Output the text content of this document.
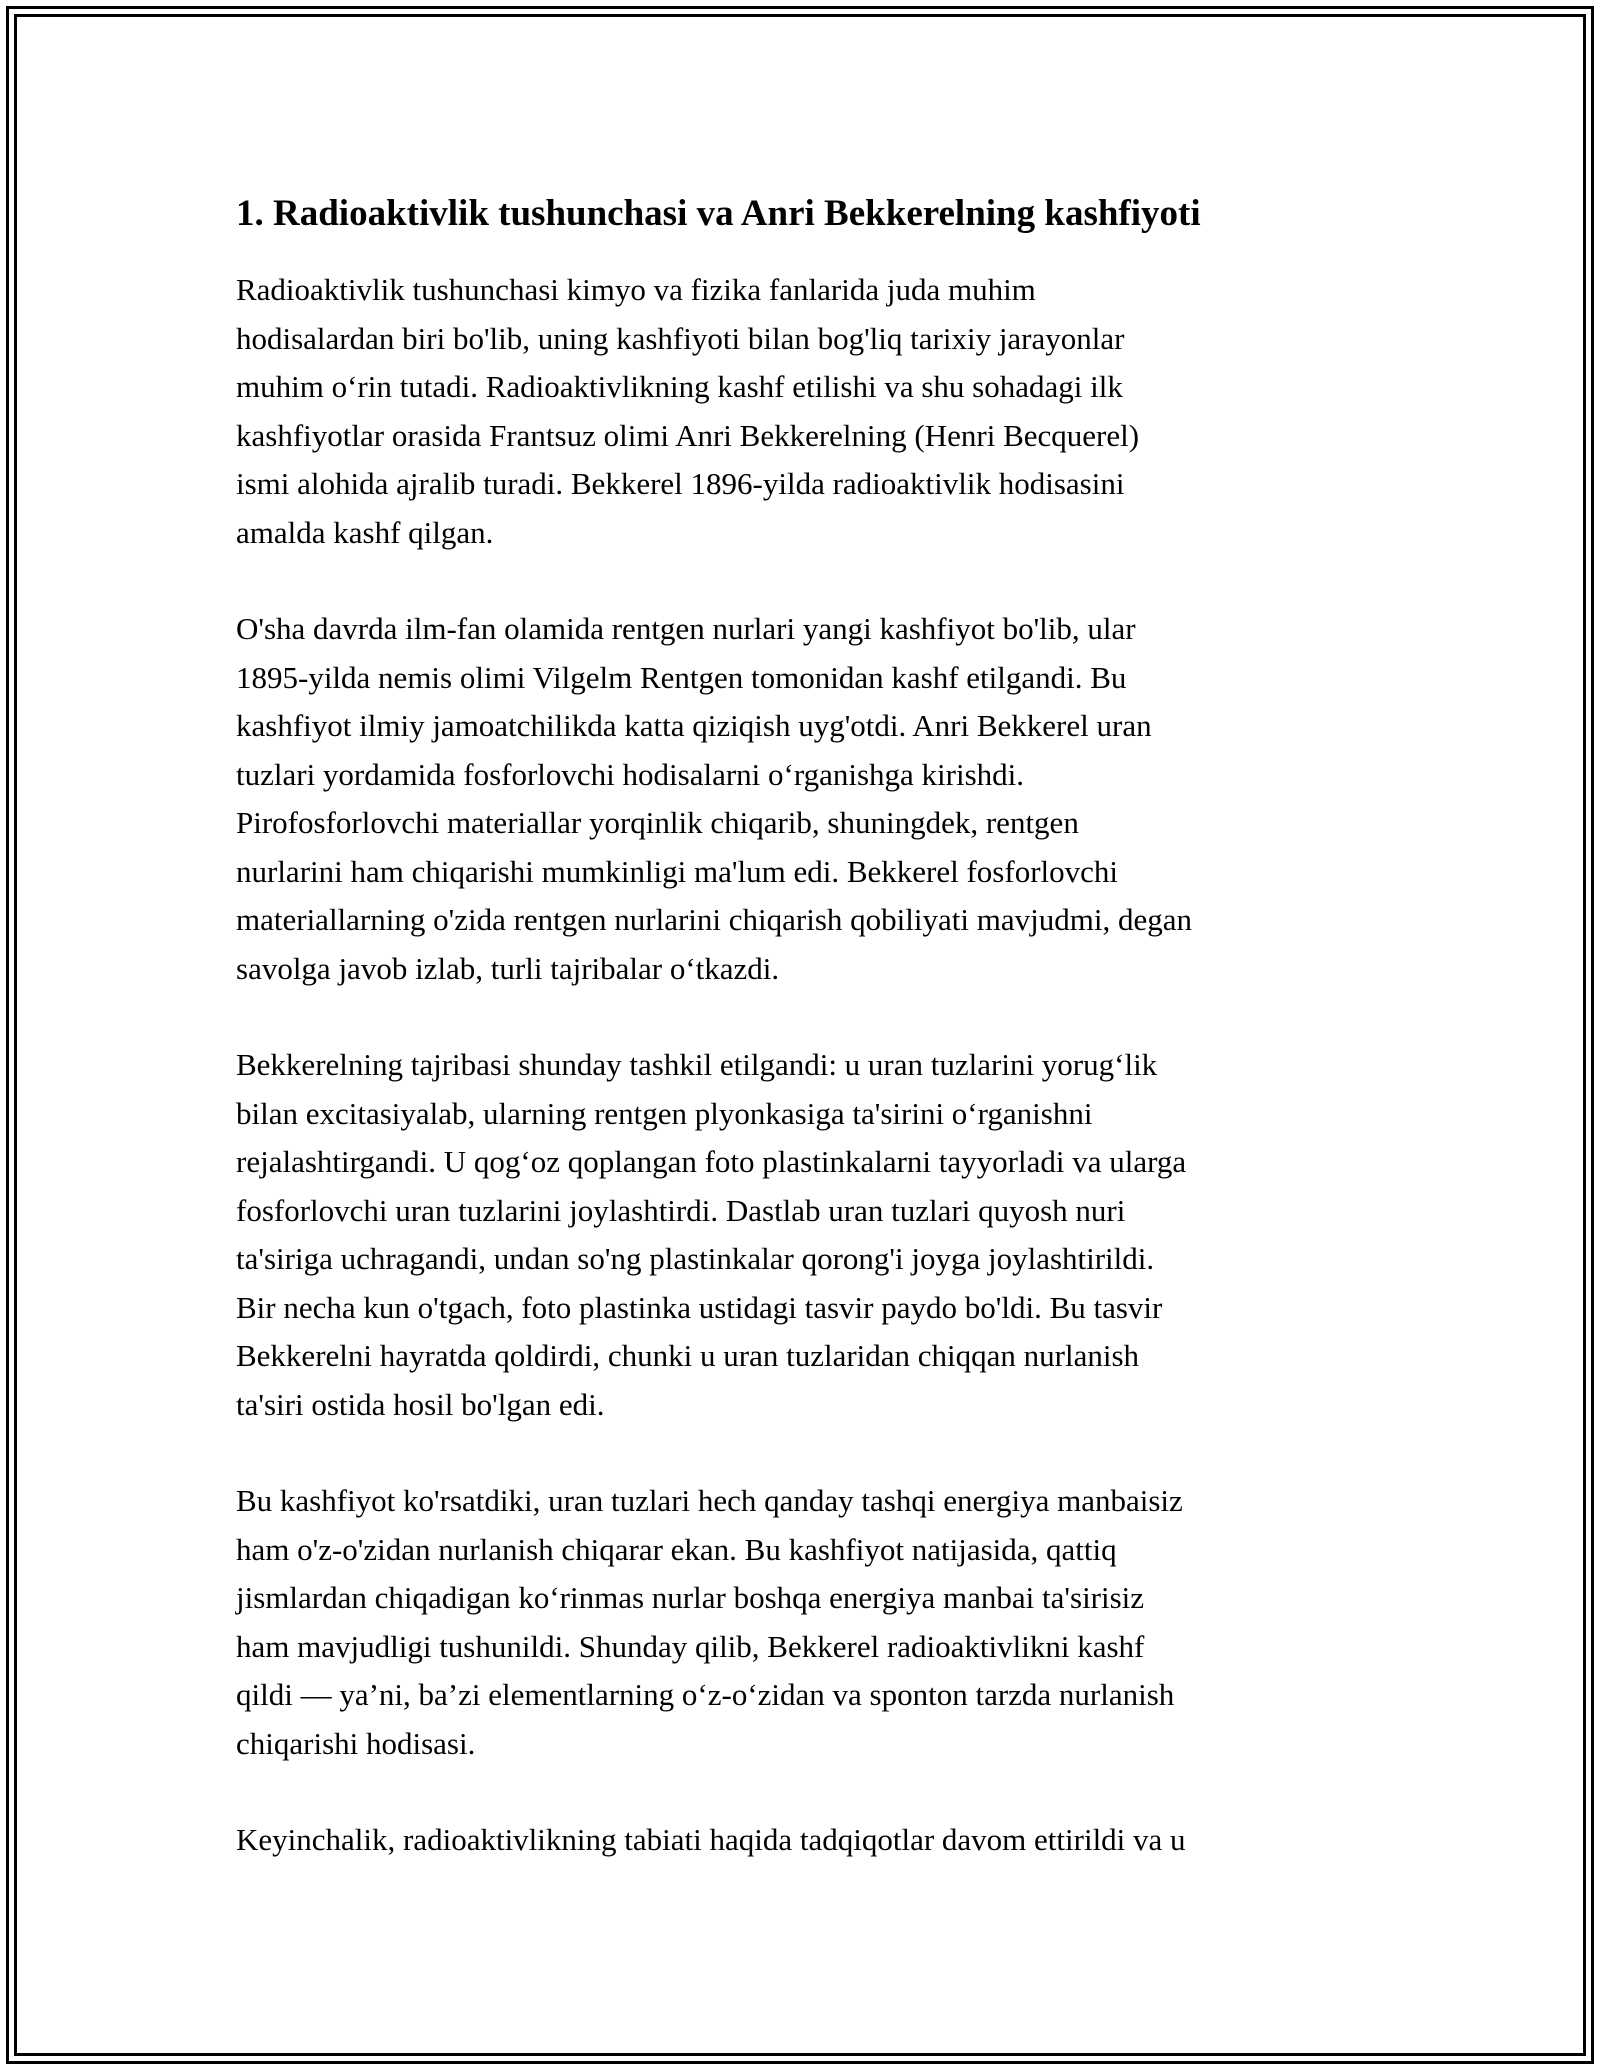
1. Radioaktivlik tushunchasi va Anri Bekkerelning kashfiyoti

Radioaktivlik tushunchasi kimyo va fizika fanlarida juda muhim
hodisalardan biri bo'lib, uning kashfiyoti bilan bog'liq tarixiy jarayonlar
muhim o‘rin tutadi. Radioaktivlikning kashf etilishi va shu sohadagi ilk
kashfiyotlar orasida Frantsuz olimi Anri Bekkerelning (Henri Becquerel)
ismi alohida ajralib turadi. Bekkerel 1896-yilda radioaktivlik hodisasini
amalda kashf qilgan.

O'sha davrda ilm-fan olamida rentgen nurlari yangi kashfiyot bo'lib, ular
1895-yilda nemis olimi Vilgelm Rentgen tomonidan kashf etilgandi. Bu
kashfiyot ilmiy jamoatchilikda katta qiziqish uyg'otdi. Anri Bekkerel uran
tuzlari yordamida fosforlovchi hodisalarni o‘rganishga kirishdi.
Pirofosforlovchi materiallar yorqinlik chiqarib, shuningdek, rentgen
nurlarini ham chiqarishi mumkinligi ma'lum edi. Bekkerel fosforlovchi
materiallarning o'zida rentgen nurlarini chiqarish qobiliyati mavjudmi, degan
savolga javob izlab, turli tajribalar o‘tkazdi.

Bekkerelning tajribasi shunday tashkil etilgandi: u uran tuzlarini yorug‘lik
bilan excitasiyalab, ularning rentgen plyonkasiga ta'sirini o‘rganishni
rejalashtirgandi. U qog‘oz qoplangan foto plastinkalarni tayyorladi va ularga
fosforlovchi uran tuzlarini joylashtirdi. Dastlab uran tuzlari quyosh nuri
ta'siriga uchragandi, undan so'ng plastinkalar qorong'i joyga joylashtirildi.
Bir necha kun o'tgach, foto plastinka ustidagi tasvir paydo bo'ldi. Bu tasvir
Bekkerelni hayratda qoldirdi, chunki u uran tuzlaridan chiqqan nurlanish
ta'siri ostida hosil bo'lgan edi.

Bu kashfiyot ko'rsatdiki, uran tuzlari hech qanday tashqi energiya manbaisiz
ham o'z-o'zidan nurlanish chiqarar ekan. Bu kashfiyot natijasida, qattiq
jismlardan chiqadigan ko‘rinmas nurlar boshqa energiya manbai ta'sirisiz
ham mavjudligi tushunildi. Shunday qilib, Bekkerel radioaktivlikni kashf
qildi — ya’ni, ba’zi elementlarning o‘z-o‘zidan va sponton tarzda nurlanish
chiqarishi hodisasi.

Keyinchalik, radioaktivlikning tabiati haqida tadqiqotlar davom ettirildi va u
